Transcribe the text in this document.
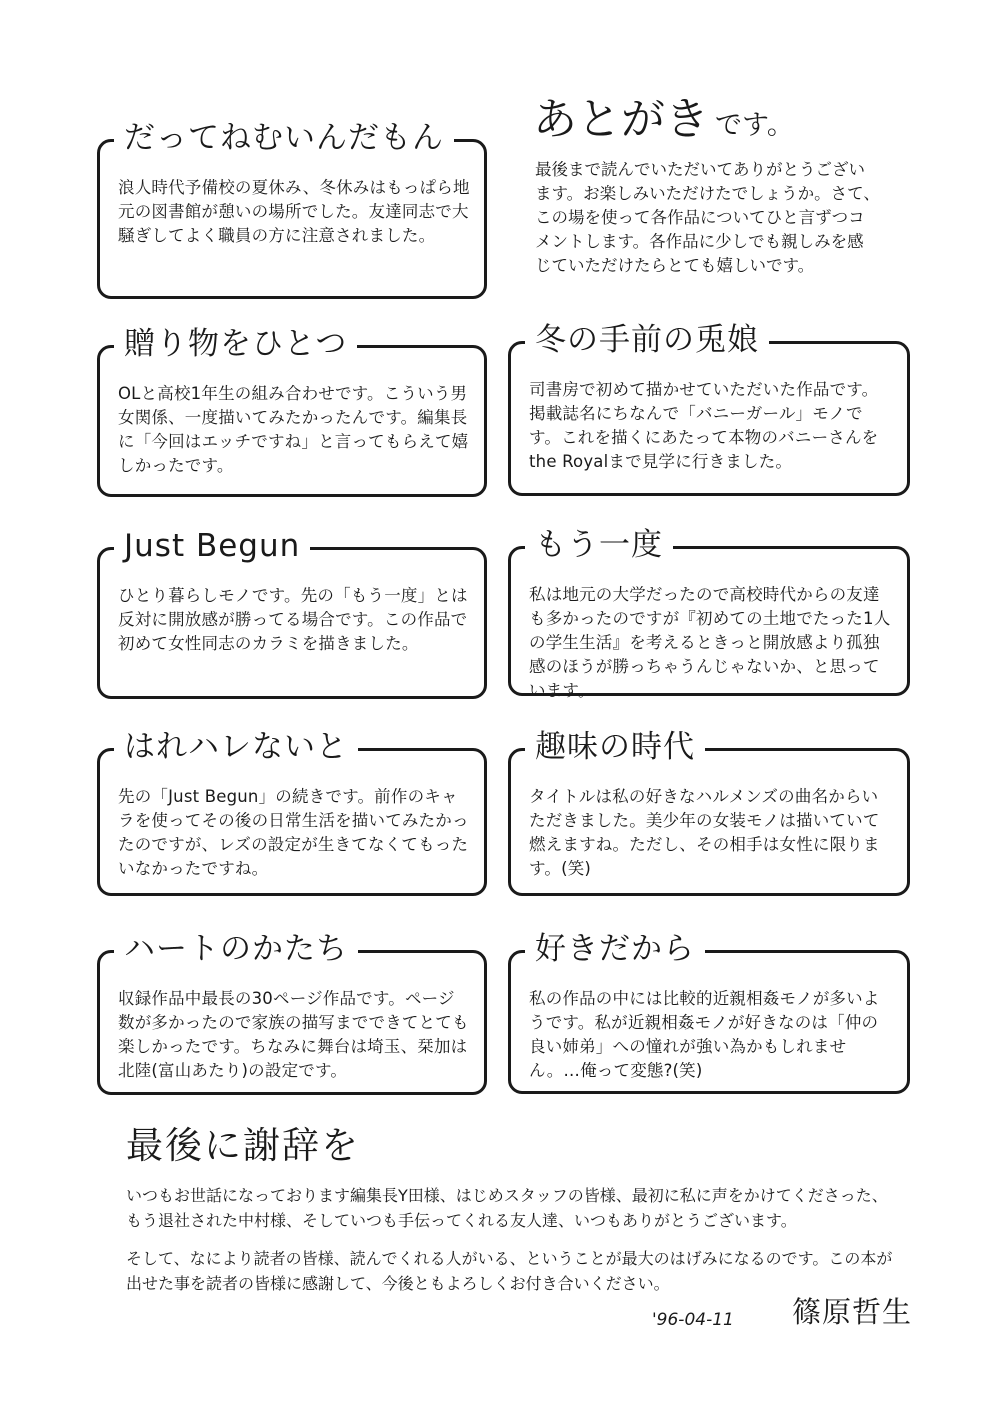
あとがき です。
最後まで読んでいただいてありがとうございます。お楽しみいただけたでしょうか。さて、この場を使って各作品についてひと言ずつコメントします。各作品に少しでも親しみを感じていただけたらとても嬉しいです。
だってねむいんだもん
浪人時代予備校の夏休み、冬休みはもっぱら地元の図書館が憩いの場所でした。友達同志で大騒ぎしてよく職員の方に注意されました。
贈り物をひとつ
OLと高校1年生の組み合わせです。こういう男女関係、一度描いてみたかったんです。編集長に「今回はエッチですね」と言ってもらえて嬉しかったです。
冬の手前の兎娘
司書房で初めて描かせていただいた作品です。掲載誌名にちなんで「バニーガール」モノです。これを描くにあたって本物のバニーさんをthe Royalまで見学に行きました。
Just Begun
ひとり暮らしモノです。先の「もう一度」とは反対に開放感が勝ってる場合です。この作品で初めて女性同志のカラミを描きました。
もう一度
私は地元の大学だったので高校時代からの友達も多かったのですが『初めての土地でたった1人の学生生活』を考えるときっと開放感より孤独感のほうが勝っちゃうんじゃないか、と思っています。
はれハレないと
先の「Just Begun」の続きです。前作のキャラを使ってその後の日常生活を描いてみたかったのですが、レズの設定が生きてなくてもったいなかったですね。
趣味の時代
タイトルは私の好きなハルメンズの曲名からいただきました。美少年の女装モノは描いていて燃えますね。ただし、その相手は女性に限ります。(笑)
ハートのかたち
収録作品中最長の30ページ作品です。ページ数が多かったので家族の描写までできてとても楽しかったです。ちなみに舞台は埼玉、栞加は北陸(富山あたり)の設定です。
好きだから
私の作品の中には比較的近親相姦モノが多いようです。私が近親相姦モノが好きなのは「仲の良い姉弟」への憧れが強い為かもしれません。…俺って変態?(笑)
最後に謝辞を
いつもお世話になっております編集長Y田様、はじめスタッフの皆様、最初に私に声をかけてくださった、もう退社された中村様、そしていつも手伝ってくれる友人達、いつもありがとうございます。
そして、なにより読者の皆様、読んでくれる人がいる、ということが最大のはげみになるのです。この本が出せた事を読者の皆様に感謝して、今後ともよろしくお付き合いください。
'96-04-11 篠原哲生
